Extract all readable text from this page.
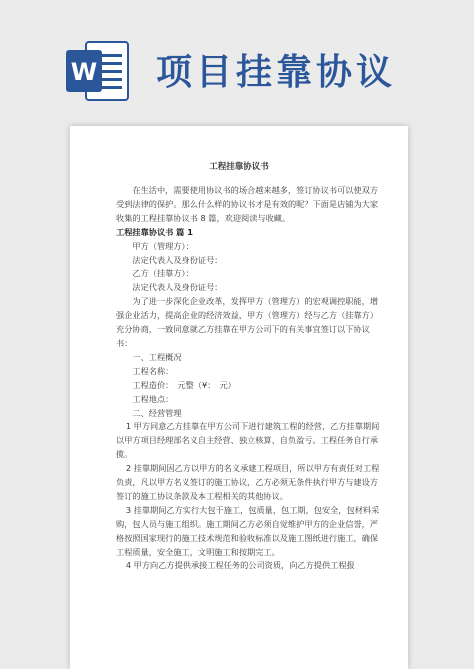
W 项目挂靠协议
工程挂靠协议书

在生活中，需要使用协议书的场合越来越多，签订协议书可以使双方受到法律的保护。那么什么样的协议书才是有效的呢？下面是店铺为大家收集的工程挂靠协议书 8 篇，欢迎阅读与收藏。

工程挂靠协议书 篇 1

甲方（管理方）：

法定代表人及身份证号：

乙方（挂靠方）：

法定代表人及身份证号：

为了进一步深化企业改革，发挥甲方（管理方）的宏观调控职能，增强企业活力，提高企业的经济效益，甲方（管理方）经与乙方（挂靠方）充分协商，一致同意就乙方挂靠在甲方公司下的有关事宜签订以下协议书：

一、工程概况

工程名称：

工程造价：　元整（¥：　元）

工程地点：

二、经营管理

1 甲方同意乙方挂靠在甲方公司下进行建筑工程的经营，乙方挂靠期间以甲方项目经理部名义自主经营、独立核算、自负盈亏。工程任务自行承揽。

2 挂靠期间因乙方以甲方的名义承建工程项目，所以甲方有责任对工程负责，凡以甲方名义签订的施工协议，乙方必须无条件执行甲方与建设方签订的施工协议条款及本工程相关的其他协议。

3 挂靠期间乙方实行大包干施工，包质量，包工期，包安全，包材料采购，包人员与施工组织。施工期间乙方必须自觉维护甲方的企业信誉，严格按照国家现行的施工技术规范和验收标准以及施工图纸进行施工，确保工程质量，安全施工，文明施工和按期完工。

4 甲方向乙方提供承接工程任务的公司资质，向乙方提供工程报
